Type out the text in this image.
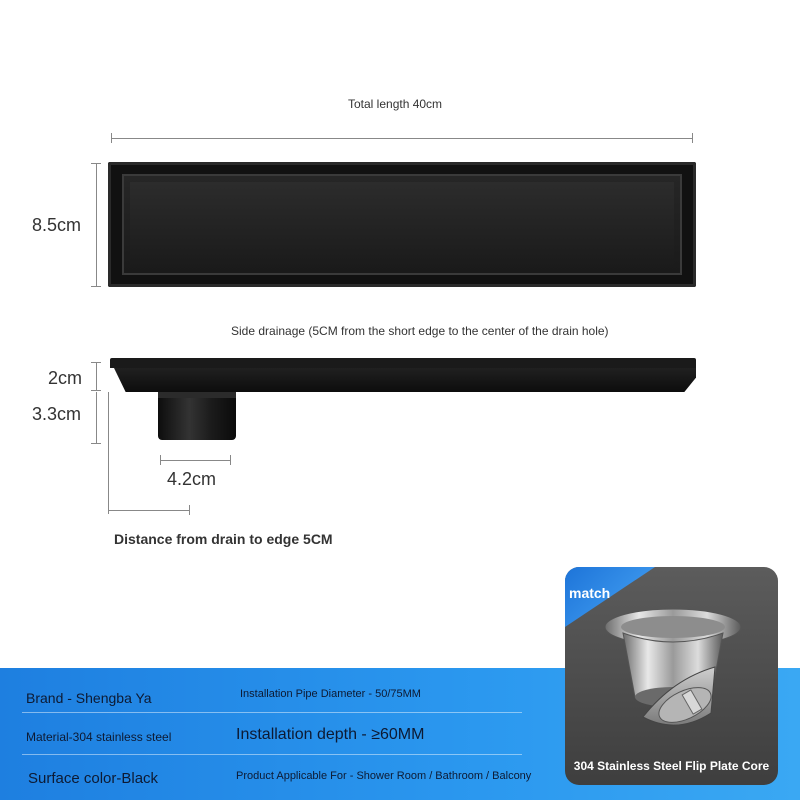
Total length 40cm
8.5cm
Side drainage (5CM from the short edge to the center of the drain hole)
2cm
3.3cm
4.2cm
Distance from drain to edge 5CM
Brand - Shengba Ya	Installation Pipe Diameter - 50/75MM
Material-304 stainless steel	Installation depth - ≥60MM
Surface color-Black	Product Applicable For - Shower Room / Bathroom / Balcony
match
304 Stainless Steel Flip Plate Core
